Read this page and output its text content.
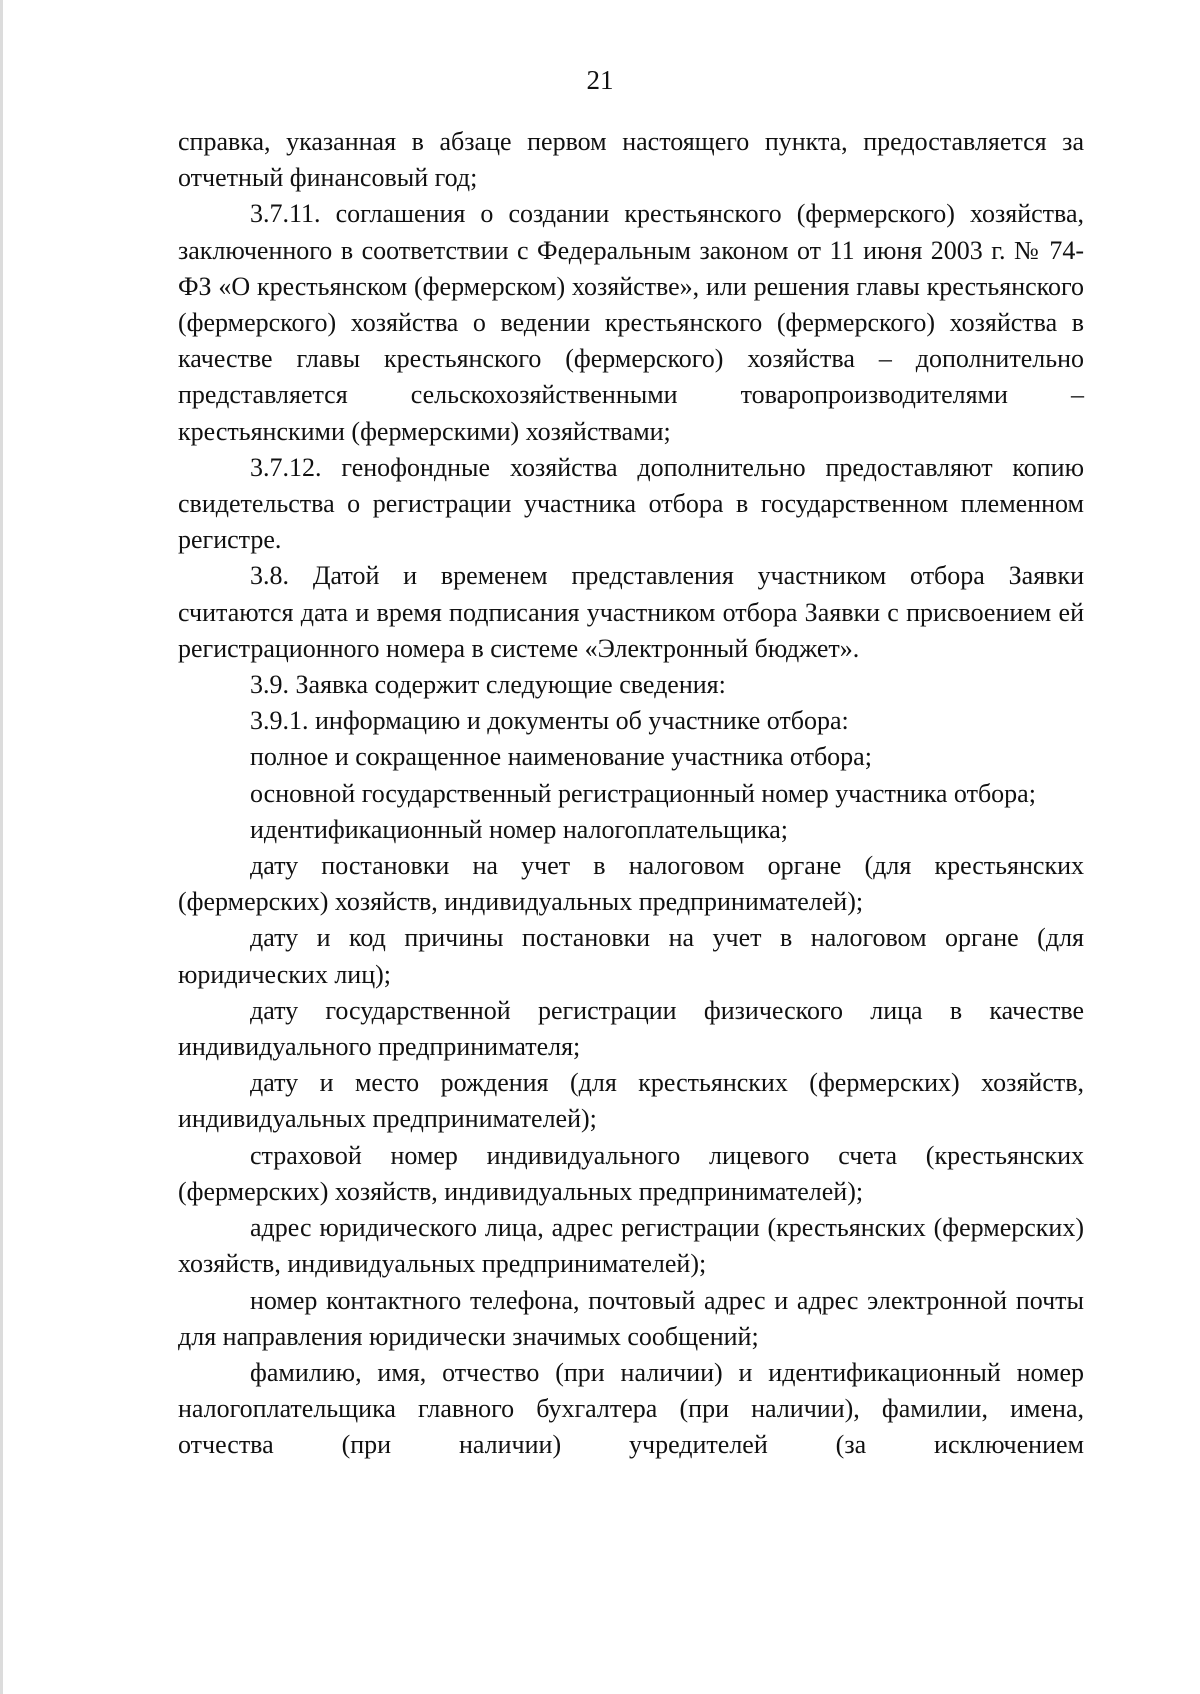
21

справка, указанная в абзаце первом настоящего пункта, предоставляется за отчетный финансовый год;

3.7.11. соглашения о создании крестьянского (фермерского) хозяйства, заключенного в соответствии с Федеральным законом от 11 июня 2003 г. № 74-ФЗ «О крестьянском (фермерском) хозяйстве», или решения главы крестьянского (фермерского) хозяйства о ведении крестьянского (фермерского) хозяйства в качестве главы крестьянского (фермерского) хозяйства – дополнительно представляется сельскохозяйственными товаропроизводителями – крестьянскими (фермерскими) хозяйствами;

3.7.12. генофондные хозяйства дополнительно предоставляют копию свидетельства о регистрации участника отбора в государственном племенном регистре.

3.8. Датой и временем представления участником отбора Заявки считаются дата и время подписания участником отбора Заявки с присвоением ей регистрационного номера в системе «Электронный бюджет».

3.9. Заявка содержит следующие сведения:

3.9.1. информацию и документы об участнике отбора:

полное и сокращенное наименование участника отбора;

основной государственный регистрационный номер участника отбора;

идентификационный номер налогоплательщика;

дату постановки на учет в налоговом органе (для крестьянских (фермерских) хозяйств, индивидуальных предпринимателей);

дату и код причины постановки на учет в налоговом органе (для юридических лиц);

дату государственной регистрации физического лица в качестве индивидуального предпринимателя;

дату и место рождения (для крестьянских (фермерских) хозяйств, индивидуальных предпринимателей);

страховой номер индивидуального лицевого счета (крестьянских (фермерских) хозяйств, индивидуальных предпринимателей);

адрес юридического лица, адрес регистрации (крестьянских (фермерских) хозяйств, индивидуальных предпринимателей);

номер контактного телефона, почтовый адрес и адрес электронной почты для направления юридически значимых сообщений;

фамилию, имя, отчество (при наличии) и идентификационный номер налогоплательщика главного бухгалтера (при наличии), фамилии, имена, отчества (при наличии) учредителей (за исключением
